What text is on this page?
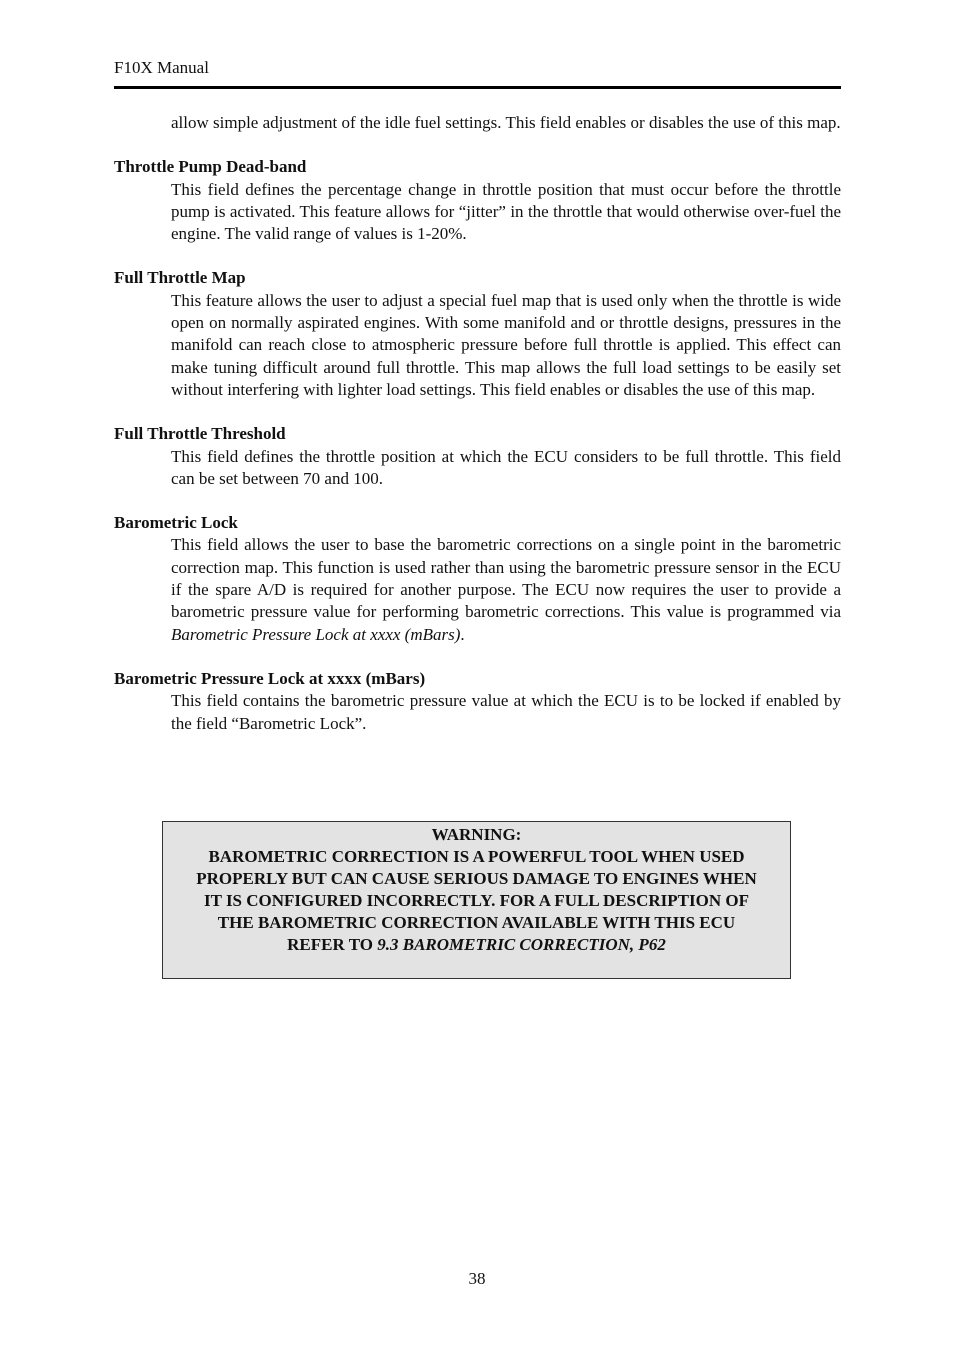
F10X Manual

allow simple adjustment of the idle fuel settings. This field enables or disables the use of this map.

Throttle Pump Dead-band

This field defines the percentage change in throttle position that must occur before the throttle pump is activated. This feature allows for “jitter” in the throttle that would otherwise over-fuel the engine. The valid range of values is 1-20%.

Full Throttle Map

This feature allows the user to adjust a special fuel map that is used only when the throttle is wide open on normally aspirated engines. With some manifold and or throttle designs, pressures in the manifold can reach close to atmospheric pressure before full throttle is applied. This effect can make tuning difficult around full throttle. This map allows the full load settings to be easily set without interfering with lighter load settings. This field enables or disables the use of this map.

Full Throttle Threshold

This field defines the throttle position at which the ECU considers to be full throttle. This field can be set between 70 and 100.

Barometric Lock

This field allows the user to base the barometric corrections on a single point in the barometric correction map. This function is used rather than using the barometric pressure sensor in the ECU if the spare A/D is required for another purpose. The ECU now requires the user to provide a barometric pressure value for performing barometric corrections. This value is programmed via Barometric Pressure Lock at xxxx (mBars).

Barometric Pressure Lock at xxxx (mBars)

This field contains the barometric pressure value at which the ECU is to be locked if enabled by the field “Barometric Lock”.

WARNING:
BAROMETRIC CORRECTION IS A POWERFUL TOOL WHEN USED PROPERLY BUT CAN CAUSE SERIOUS DAMAGE TO ENGINES WHEN IT IS CONFIGURED INCORRECTLY. FOR A FULL DESCRIPTION OF THE BAROMETRIC CORRECTION AVAILABLE WITH THIS ECU REFER TO 9.3 BAROMETRIC CORRECTION, P62
38
